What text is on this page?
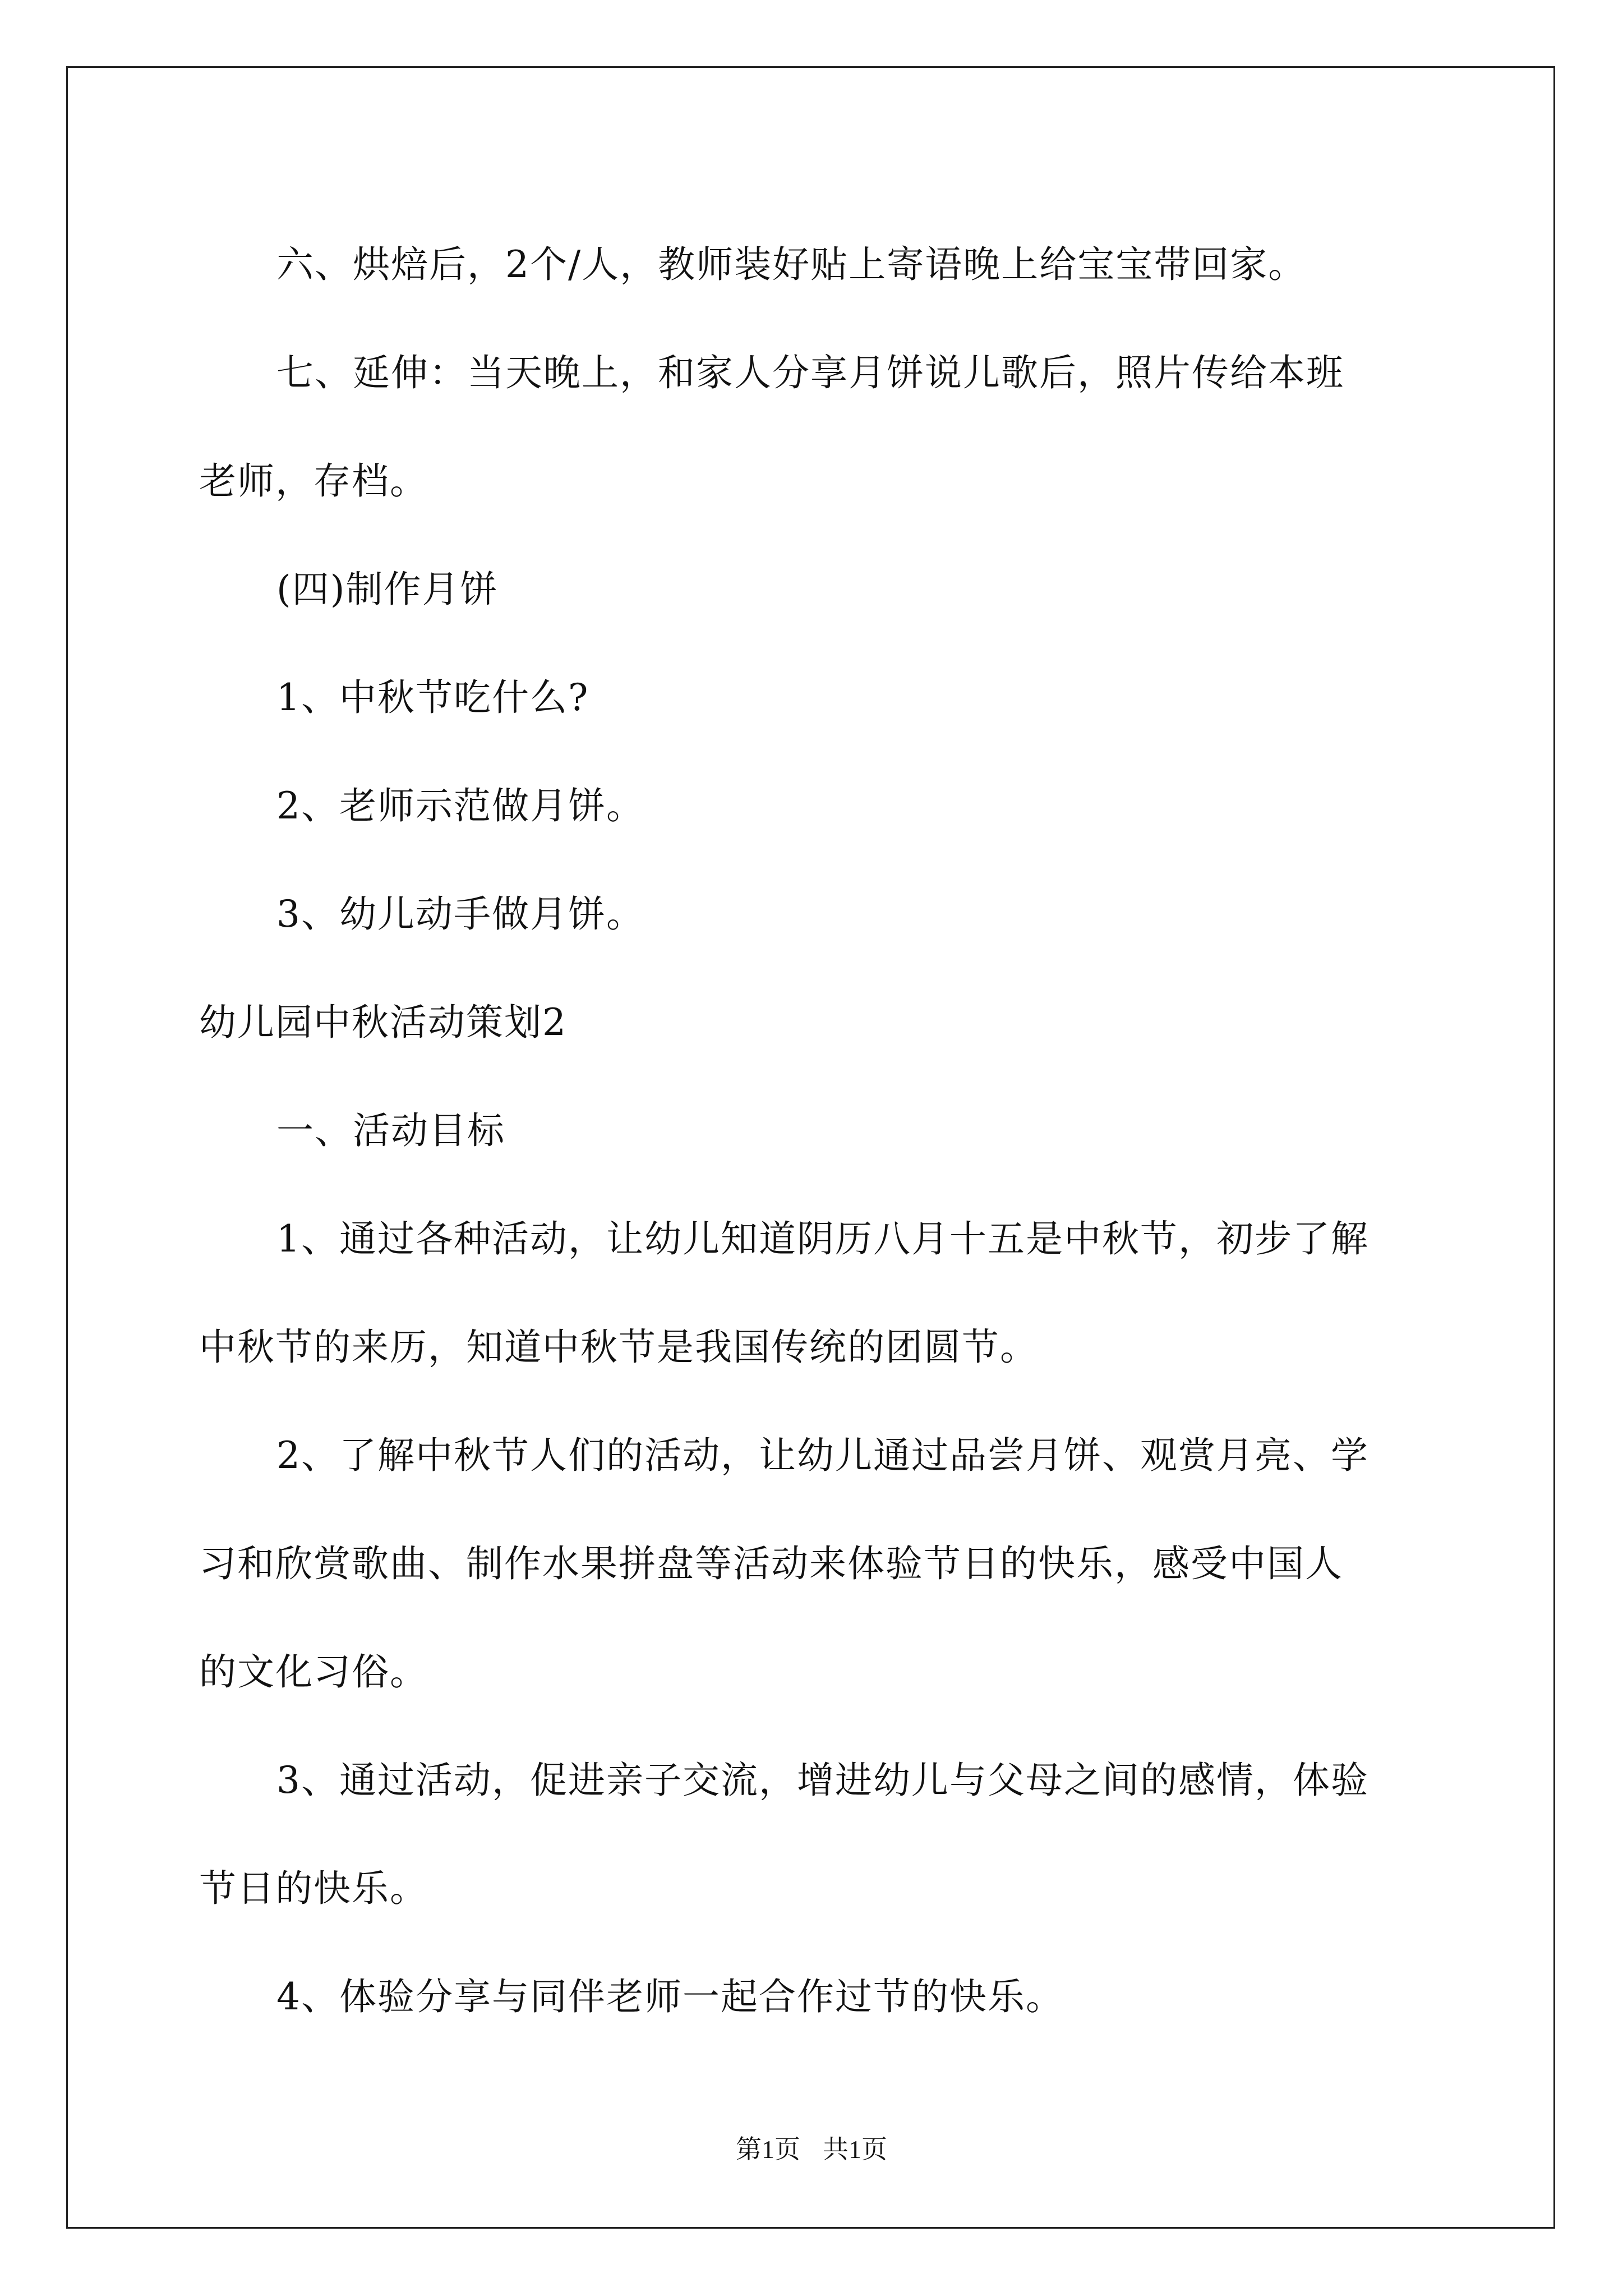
六、烘焙后，2个/人，教师装好贴上寄语晚上给宝宝带回家。

七、延伸：当天晚上，和家人分享月饼说儿歌后，照片传给本班

老师，存档。

(四)制作月饼

1、中秋节吃什么?

2、老师示范做月饼。

3、幼儿动手做月饼。

幼儿园中秋活动策划2

一、活动目标

1、通过各种活动，让幼儿知道阴历八月十五是中秋节，初步了解

中秋节的来历，知道中秋节是我国传统的团圆节。

2、了解中秋节人们的活动，让幼儿通过品尝月饼、观赏月亮、学

习和欣赏歌曲、制作水果拼盘等活动来体验节日的快乐，感受中国人

的文化习俗。

3、通过活动，促进亲子交流，增进幼儿与父母之间的感情，体验

节日的快乐。

4、体验分享与同伴老师一起合作过节的快乐。

第1页 共1页
